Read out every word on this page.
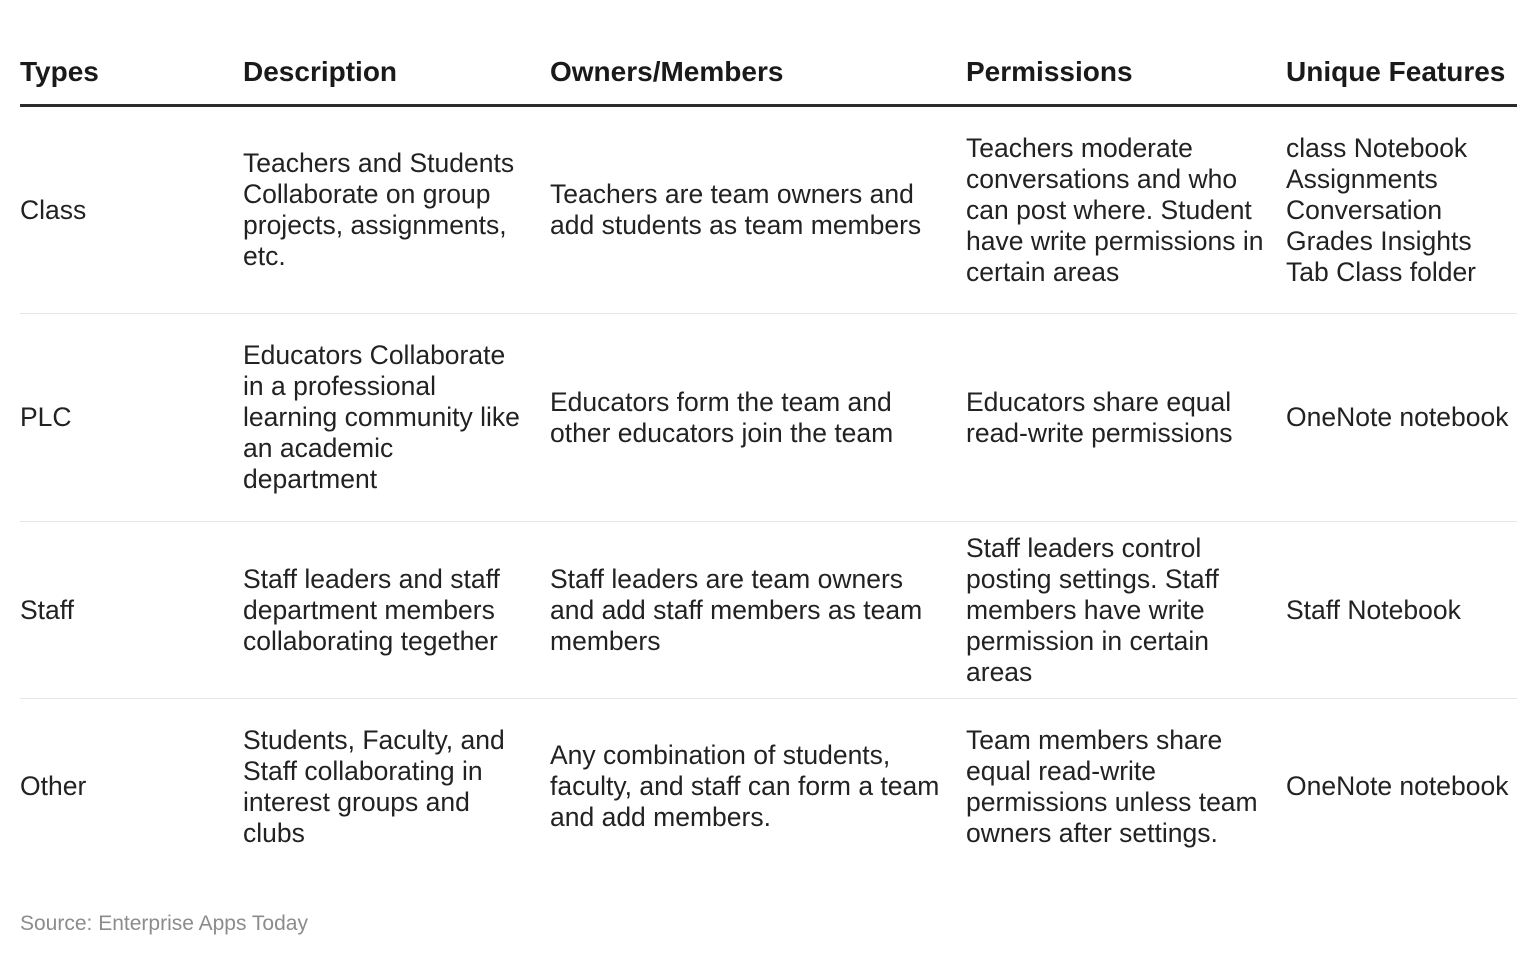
Types	Description	Owners/Members	Permissions	Unique Features
Class	Teachers and Students Collaborate on group projects, assignments, etc.	Teachers are team owners and add students as team members	Teachers moderate conversations and who can post where. Student have write permissions in certain areas	class Notebook
Assignments
Conversation
Grades Insights
Tab Class folder

PLC	Educators Collaborate in a professional learning community like an academic department	Educators form the team and other educators join the team	Educators share equal read-write permissions	OneNote notebook

Staff	Staff leaders and staff department members collaborating tegether	Staff leaders are team owners and add staff members as team members	Staff leaders control posting settings. Staff members have write permission in certain areas	Staff Notebook

Other	Students, Faculty, and Staff collaborating in interest groups and clubs	Any combination of students, faculty, and staff can form a team and add members.	Team members share equal read-write permissions unless team owners after settings.	OneNote notebook
Source: Enterprise Apps Today
